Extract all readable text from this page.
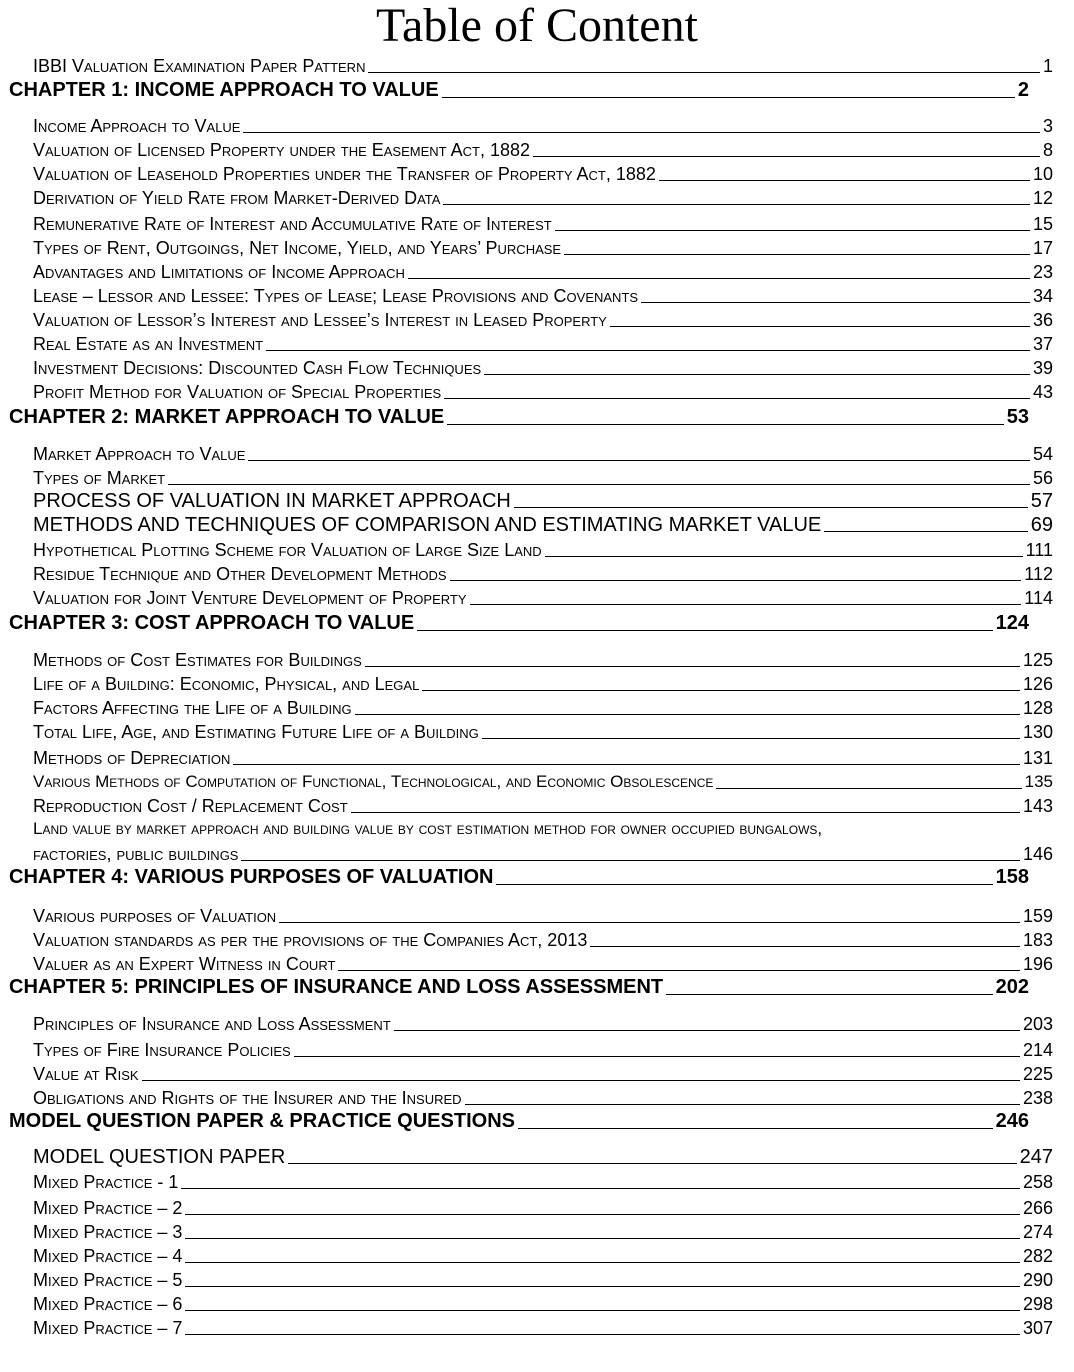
Table of Content
IBBI Valuation Examination Paper Pattern	1
CHAPTER 1: INCOME APPROACH TO VALUE	2
Income Approach to Value	3
Valuation of Licensed Property under the Easement Act, 1882	8
Valuation of Leasehold Properties under the Transfer of Property Act, 1882	10
Derivation of Yield Rate from Market-Derived Data	12
Remunerative Rate of Interest and Accumulative Rate of Interest	15
Types of Rent, Outgoings, Net Income, Yield, and Years’ Purchase	17
Advantages and Limitations of Income Approach	23
Lease – Lessor and Lessee: Types of Lease; Lease Provisions and Covenants	34
Valuation of Lessor’s Interest and Lessee’s Interest in Leased Property	36
Real Estate as an Investment	37
Investment Decisions: Discounted Cash Flow Techniques	39
Profit Method for Valuation of Special Properties	43
CHAPTER 2: MARKET APPROACH TO VALUE	53
Market Approach to Value	54
Types of Market	56
PROCESS OF VALUATION IN MARKET APPROACH	57
METHODS AND TECHNIQUES OF COMPARISON AND ESTIMATING MARKET VALUE	69
Hypothetical Plotting Scheme for Valuation of Large Size Land	111
Residue Technique and Other Development Methods	112
Valuation for Joint Venture Development of Property	114
CHAPTER 3: COST APPROACH TO VALUE	124
Methods of Cost Estimates for Buildings	125
Life of a Building: Economic, Physical, and Legal	126
Factors Affecting the Life of a Building	128
Total Life, Age, and Estimating Future Life of a Building	130
Methods of Depreciation	131
Various Methods of Computation of Functional, Technological, and Economic Obsolescence	135
Reproduction Cost / Replacement Cost	143
Land value by market approach and building value by cost estimation method for owner occupied bungalows,
factories, public buildings	146
CHAPTER 4: VARIOUS PURPOSES OF VALUATION	158
Various purposes of Valuation	159
Valuation standards as per the provisions of the Companies Act, 2013	183
Valuer as an Expert Witness in Court	196
CHAPTER 5: PRINCIPLES OF INSURANCE AND LOSS ASSESSMENT	202
Principles of Insurance and Loss Assessment	203
Types of Fire Insurance Policies	214
Value at Risk	225
Obligations and Rights of the Insurer and the Insured	238
MODEL QUESTION PAPER & PRACTICE QUESTIONS	246
MODEL QUESTION PAPER	247
Mixed Practice - 1	258
Mixed Practice – 2	266
Mixed Practice – 3	274
Mixed Practice – 4	282
Mixed Practice – 5	290
Mixed Practice – 6	298
Mixed Practice – 7	307
